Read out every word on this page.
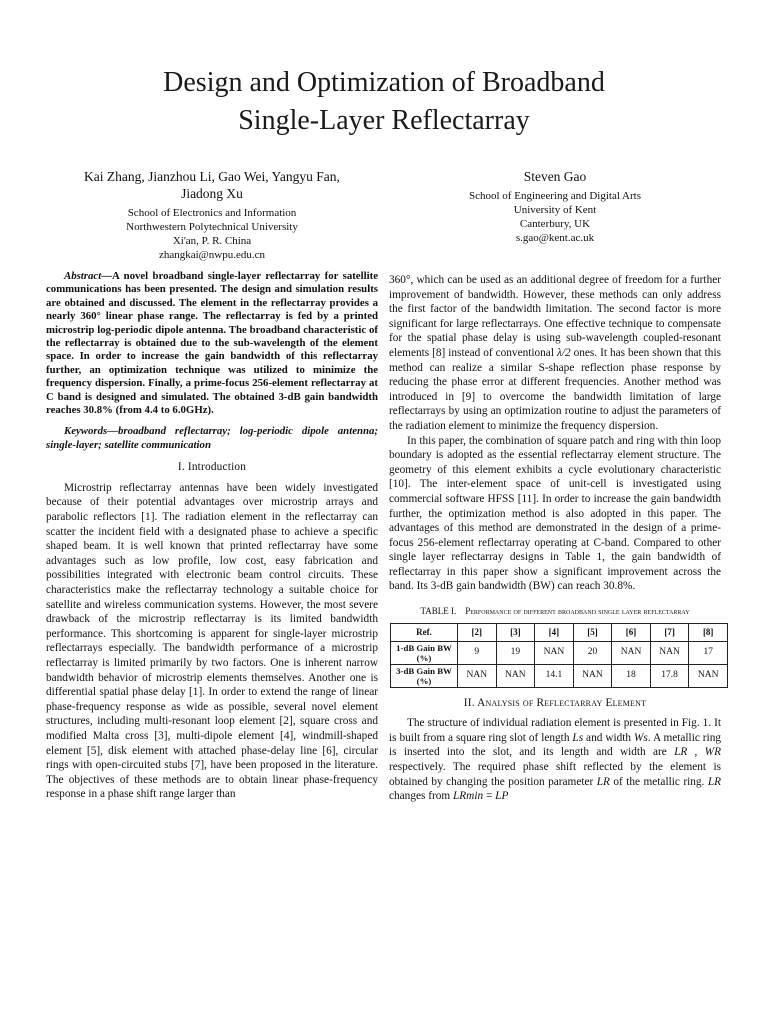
Design and Optimization of Broadband
Single-Layer Reflectarray
Kai Zhang, Jianzhou Li, Gao Wei, Yangyu Fan,
Jiadong Xu
School of Electronics and Information
Northwestern Polytechnical University
Xi'an, P. R. China
zhangkai@nwpu.edu.cn
Steven Gao
School of Engineering and Digital Arts
University of Kent
Canterbury, UK
s.gao@kent.ac.uk

Abstract—A novel broadband single-layer reflectarray for satellite communications has been presented. The design and simulation results are obtained and discussed. The element in the reflectarray provides a nearly 360° linear phase range. The reflectarray is fed by a printed microstrip log-periodic dipole antenna. The broadband characteristic of the reflectarray is obtained due to the sub-wavelength of the element space. In order to increase the gain bandwidth of this reflectarray further, an optimization technique was utilized to minimize the frequency dispersion. Finally, a prime-focus 256-element reflectarray at C band is designed and simulated. The obtained 3-dB gain bandwidth reaches 30.8% (from 4.4 to 6.0GHz).

Keywords—broadband reflectarray; log-periodic dipole antenna; single-layer; satellite communication

I. Introduction

Microstrip reflectarray antennas have been widely investigated because of their potential advantages over microstrip arrays and parabolic reflectors [1]. The radiation element in the reflectarray can scatter the incident field with a designated phase to achieve a specific shaped beam. It is well known that printed reflectarray have some advantages such as low profile, low cost, easy fabrication and possibilities integrated with electronic beam control circuits. These characteristics make the reflectarray technology a suitable choice for satellite and wireless communication systems. However, the most severe drawback of the microstrip reflectarray is its limited bandwidth performance. This shortcoming is apparent for single-layer microstrip reflectarrays especially. The bandwidth performance of a microstrip reflectarray is limited primarily by two factors. One is inherent narrow bandwidth behavior of microstrip elements themselves. Another one is differential spatial phase delay [1]. In order to extend the range of linear phase-frequency response as wide as possible, several novel element structures, including multi-resonant loop element [2], square cross and modified Malta cross [3], multi-dipole element [4], windmill-shaped element [5], disk element with attached phase-delay line [6], circular rings with open-circuited stubs [7], have been proposed in the literature. The objectives of these methods are to obtain linear phase-frequency response in a phase shift range larger than

360°, which can be used as an additional degree of freedom for a further improvement of bandwidth. However, these methods can only address the first factor of the bandwidth limitation. The second factor is more significant for large reflectarrays. One effective technique to compensate for the spatial phase delay is using sub-wavelength coupled-resonant elements [8] instead of conventional λ/2 ones. It has been shown that this method can realize a similar S-shape reflection phase response by reducing the phase error at different frequencies. Another method was introduced in [9] to overcome the bandwidth limitation of large reflectarrays by using an optimization routine to adjust the parameters of the radiation element to minimize the frequency dispersion.

In this paper, the combination of square patch and ring with thin loop boundary is adopted as the essential reflectarray element structure. The geometry of this element exhibits a cycle evolutionary characteristic [10]. The inter-element space of unit-cell is investigated using commercial software HFSS [11]. In order to increase the gain bandwidth further, the optimization method is also adopted in this paper. The advantages of this method are demonstrated in the design of a prime-focus 256-element reflectarray operating at C-band. Compared to other single layer reflectarray designs in Table 1, the gain bandwidth of reflectarray in this paper show a significant improvement across the band. Its 3-dB gain bandwidth (BW) can reach 30.8%.

TABLE I. Performance of different broadband single layer reflectarray

Ref.	[2]	[3]	[4]	[5]	[6]	[7]	[8]
1-dB Gain BW (%)	9	19	NAN	20	NAN	NAN	17
3-dB Gain BW (%)	NAN	NAN	14.1	NAN	18	17.8	NAN

II. Analysis of Reflectarray Element

The structure of individual radiation element is presented in Fig. 1. It is built from a square ring slot of length Ls and width Ws. A metallic ring is inserted into the slot, and its length and width are LR , WR respectively. The required phase shift reflected by the element is obtained by changing the position parameter LR of the metallic ring. LR changes from LRmin = LP
